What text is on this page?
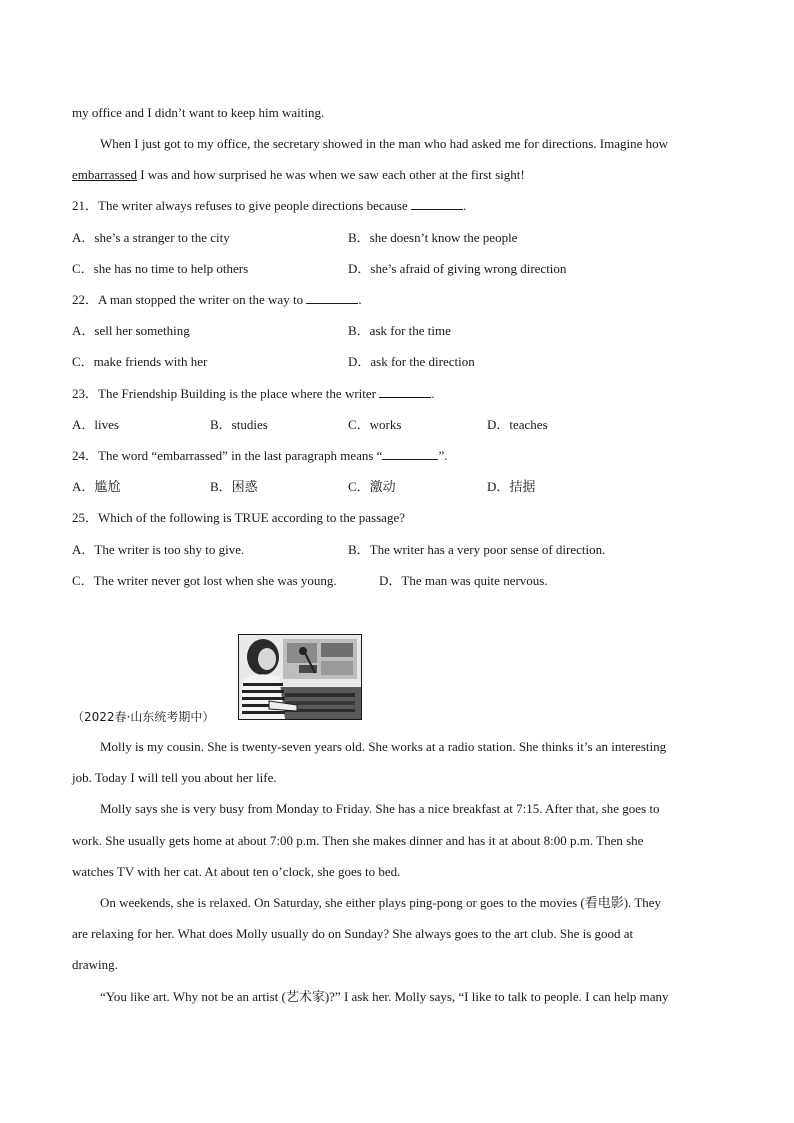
my office and I didn’t want to keep him waiting.
When I just got to my office, the secretary showed in the man who had asked me for directions. Imagine how
embarrassed I was and how surprised he was when we saw each other at the first sight!
21．The writer always refuses to give people directions because	.
A．she’s a stranger to the city	B．she doesn’t know the people
C．she has no time to help others	D．she’s afraid of giving wrong direction
22．A man stopped the writer on the way to	.
A．sell her something	B．ask for the time
C．make friends with her	D．ask for the direction
23．The Friendship Building is the place where the writer	.
A．lives	B．studies	C．works	D．teaches
24．The word “embarrassed” in the last paragraph means “	”.
A．尴尬	B．困惑	C．激动	D．拮据
25．Which of the following is TRUE according to the passage?
A．The writer is too shy to give.	B．The writer has a very poor sense of direction.
C．The writer never got lost when she was young.	D．The man was quite nervous.
（2022春·山东统考期中）
Molly is my cousin. She is twenty-seven years old. She works at a radio station. She thinks it’s an interesting
job. Today I will tell you about her life.
Molly says she is very busy from Monday to Friday. She has a nice breakfast at 7:15. After that, she goes to
work. She usually gets home at about 7:00 p.m. Then she makes dinner and has it at about 8:00 p.m. Then she
watches TV with her cat. At about ten o’clock, she goes to bed.
On weekends, she is relaxed. On Saturday, she either plays ping-pong or goes to the movies (看电影). They
are relaxing for her. What does Molly usually do on Sunday? She always goes to the art club. She is good at
drawing.
“You like art. Why not be an artist (艺术家)?” I ask her. Molly says, “I like to talk to people. I can help many
